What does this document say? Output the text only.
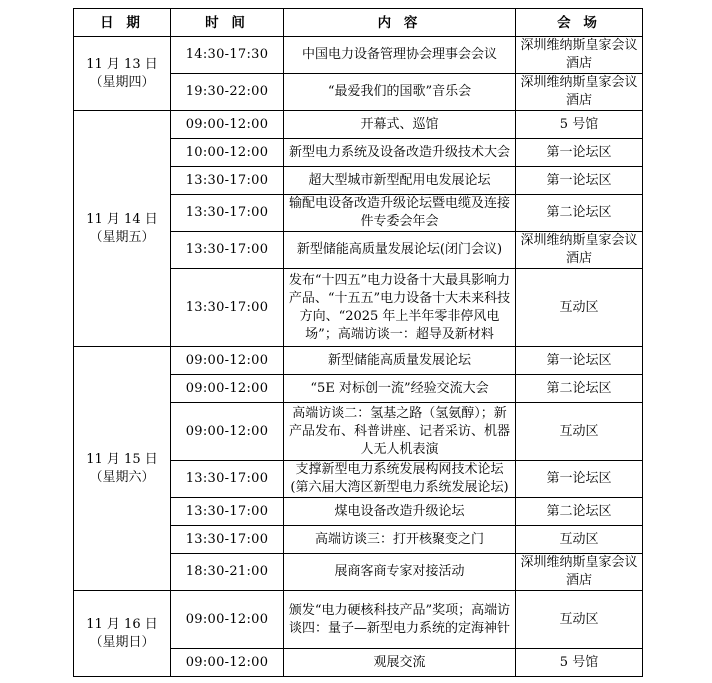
日 期	时 间	内 容	会 场

11 月 13 日
（星期四）	14:30-17:30	中国电力设备管理协会理事会会议	深圳维纳斯皇家会议酒店
	19:30-22:00	“最爱我们的国歌”音乐会	深圳维纳斯皇家会议酒店

11 月 14 日
（星期五）	09:00-12:00	开幕式、巡馆	5 号馆
	10:00-12:00	新型电力系统及设备改造升级技术大会	第一论坛区
	13:30-17:00	超大型城市新型配用电发展论坛	第一论坛区
	13:30-17:00	输配电设备改造升级论坛暨电缆及连接件专委会年会	第二论坛区
	13:30-17:00	新型储能高质量发展论坛(闭门会议)	深圳维纳斯皇家会议酒店
	13:30-17:00	发布“十四五”电力设备十大最具影响力产品、“十五五”电力设备十大未来科技方向、“2025 年上半年零非停风电场”；高端访谈一：超导及新材料	互动区

11 月 15 日
（星期六）	09:00-12:00	新型储能高质量发展论坛	第一论坛区
	09:00-12:00	“5E 对标创一流”经验交流大会	第二论坛区
	09:00-12:00	高端访谈二：氢基之路（氢氨醇）；新产品发布、科普讲座、记者采访、机器人无人机表演	互动区
	13:30-17:00	支撑新型电力系统发展构网技术论坛(第六届大湾区新型电力系统发展论坛)	第一论坛区
	13:30-17:00	煤电设备改造升级论坛	第二论坛区
	13:30-17:00	高端访谈三：打开核聚变之门	互动区
	18:30-21:00	展商客商专家对接活动	深圳维纳斯皇家会议酒店

11 月 16 日
（星期日）	09:00-12:00	颁发“电力硬核科技产品”奖项；高端访谈四：量子—新型电力系统的定海神针	互动区
	09:00-12:00	观展交流	5 号馆
